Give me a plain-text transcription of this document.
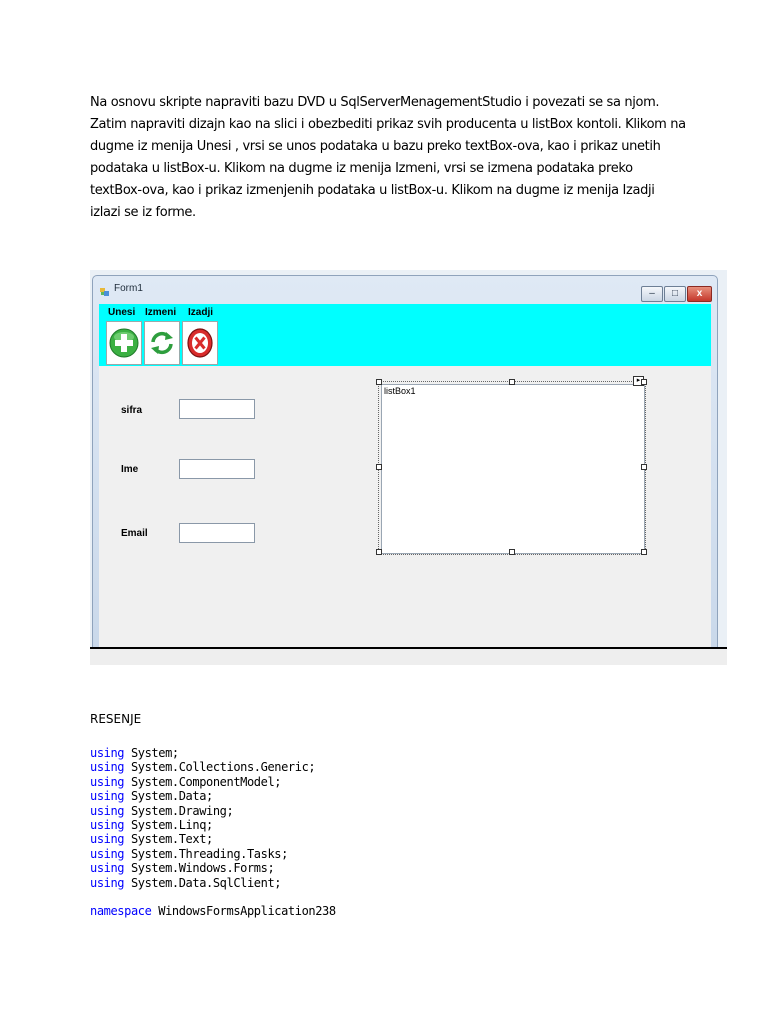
Na osnovu skripte napraviti bazu DVD u SqlServerMenagementStudio i povezati se sa njom.
Zatim napraviti dizajn kao na slici i obezbediti prikaz svih producenta u listBox kontoli. Klikom na
dugme iz menija Unesi , vrsi se unos podataka u bazu preko textBox-ova, kao i prikaz unetih
podataka u listBox-u. Klikom na dugme iz menija Izmeni, vrsi se izmena podataka preko
textBox-ova, kao i prikaz izmenjenih podataka u listBox-u. Klikom na dugme iz menija Izadji
izlazi se iz forme.
Form1	–	□	x
Unesi Izmeni Izadji
sifra
Ime
Email
listBox1
▸
RESENJE
using System;
using System.Collections.Generic;
using System.ComponentModel;
using System.Data;
using System.Drawing;
using System.Linq;
using System.Text;
using System.Threading.Tasks;
using System.Windows.Forms;
using System.Data.SqlClient;

namespace WindowsFormsApplication238
